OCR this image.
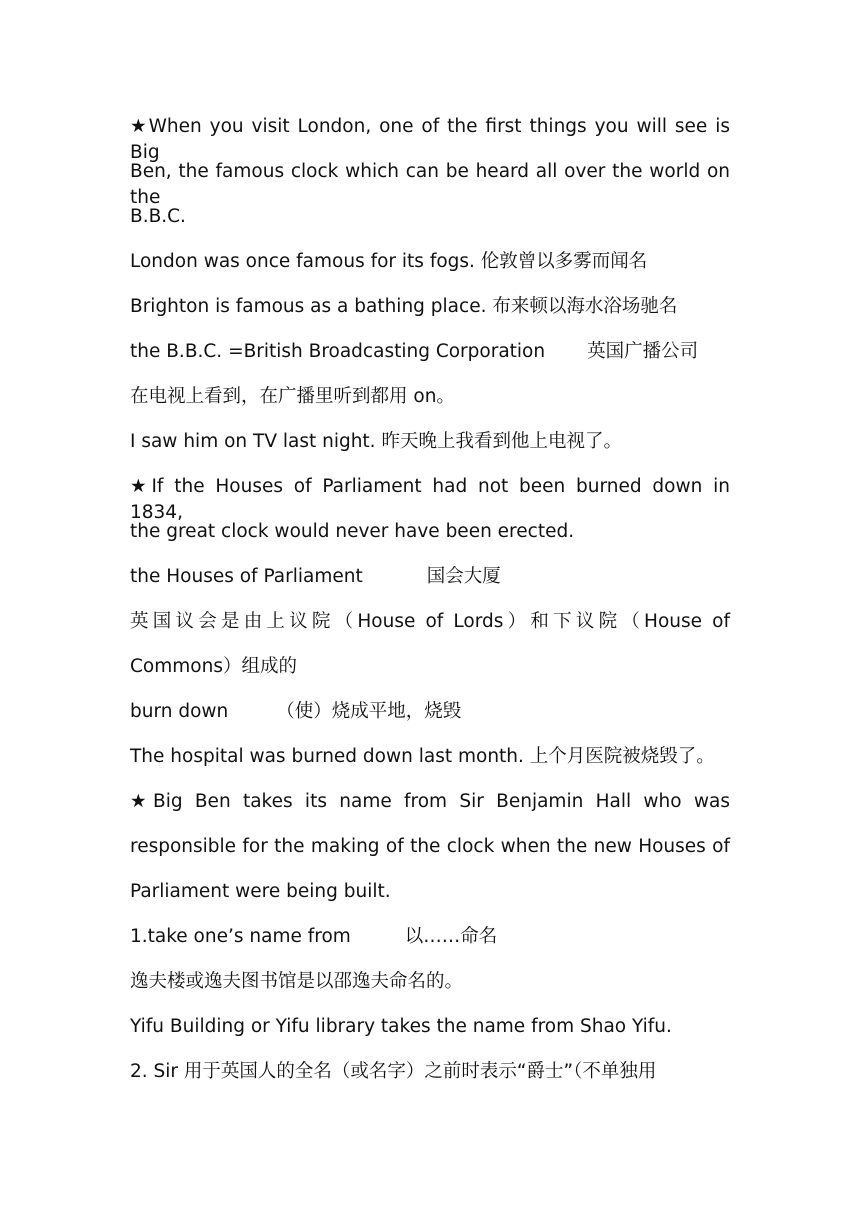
★When you visit London, one of the first things you will see is Big
Ben, the famous clock which can be heard all over the world on the
B.B.C.
London was once famous for its fogs. 伦敦曾以多雾而闻名
Brighton is famous as a bathing place. 布来顿以海水浴场驰名
the B.B.C. =British Broadcasting Corporation 英国广播公司
在电视上看到，在广播里听到都用 on。
I saw him on TV last night. 昨天晚上我看到他上电视了。
★If the Houses of Parliament had not been burned down in 1834,
the great clock would never have been erected.
the Houses of Parliament	国会大厦
英国议会是由上议院（House of Lords）和下议院（House of
Commons）组成的
burn down	（使）烧成平地，烧毁
The hospital was burned down last month. 上个月医院被烧毁了。
★Big Ben takes its name from Sir Benjamin Hall who was
responsible for the making of the clock when the new Houses of
Parliament were being built.
1.take one’s name from	以……命名
逸夫楼或逸夫图书馆是以邵逸夫命名的。
Yifu Building or Yifu library takes the name from Shao Yifu.
2. Sir 用于英国人的全名（或名字）之前时表示“爵士”（不单独用
